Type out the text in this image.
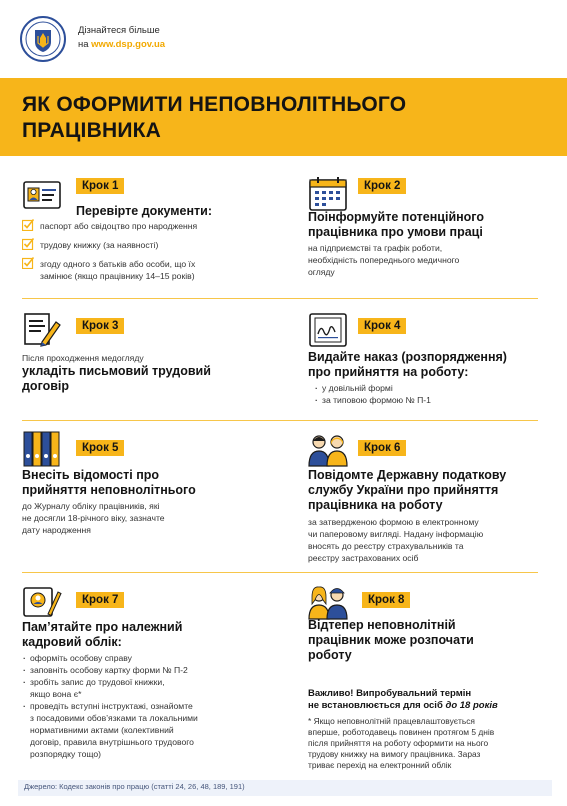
Дізнайтеся більше
на www.dsp.gov.ua
ЯК ОФОРМИТИ НЕПОВНОЛІТНЬОГО
ПРАЦІВНИКА
Крок 1
Перевірте документи:
паспорт або свідоцтво про народження
трудову книжку (за наявності)
згоду одного з батьків або особи, що їх
замінює (якщо працівнику 14–15 років)
Крок 2
Поінформуйте потенційного
працівника про умови праці
на підприємстві та графік роботи,
необхідність попереднього медичного
огляду
Крок 3
Після проходження медогляду
укладіть письмовий трудовий
договір
Крок 4
Видайте наказ (розпорядження)
про прийняття на роботу:
· у довільній формі
· за типовою формою № П-1
Крок 5
Внесіть відомості про
прийняття неповнолітнього
до Журналу обліку працівників, які
не досягли 18-річного віку, зазначте
дату народження
Крок 6
Повідомте Державну податкову
службу України про прийняття
працівника на роботу
за затвердженою формою в електронному
чи паперовому вигляді. Надану інформацію
вносять до реєстру страхувальників та
реєстру застрахованих осіб
Крок 7
Пам’ятайте про належний
кадровий облік:
· оформіть особову справу
· заповніть особову картку форми № П-2
· зробіть запис до трудової книжки,
якщо вона є*
· проведіть вступні інструктажі, ознайомте
з посадовими обов’язками та локальними
нормативними актами (колективний
договір, правила внутрішнього трудового
розпорядку тощо)
Крок 8
Відтепер неповнолітній
працівник може розпочати
роботу
Важливо! Випробувальний термін
не встановлюється для осіб до 18 років
* Якщо неповнолітній працевлаштовується
вперше, роботодавець повинен протягом 5 днів
після прийняття на роботу оформити на нього
трудову книжку на вимогу працівника. Зараз
триває перехід на електронний облік
Джерело: Кодекс законів про працю (статті 24, 26, 48, 189, 191)
